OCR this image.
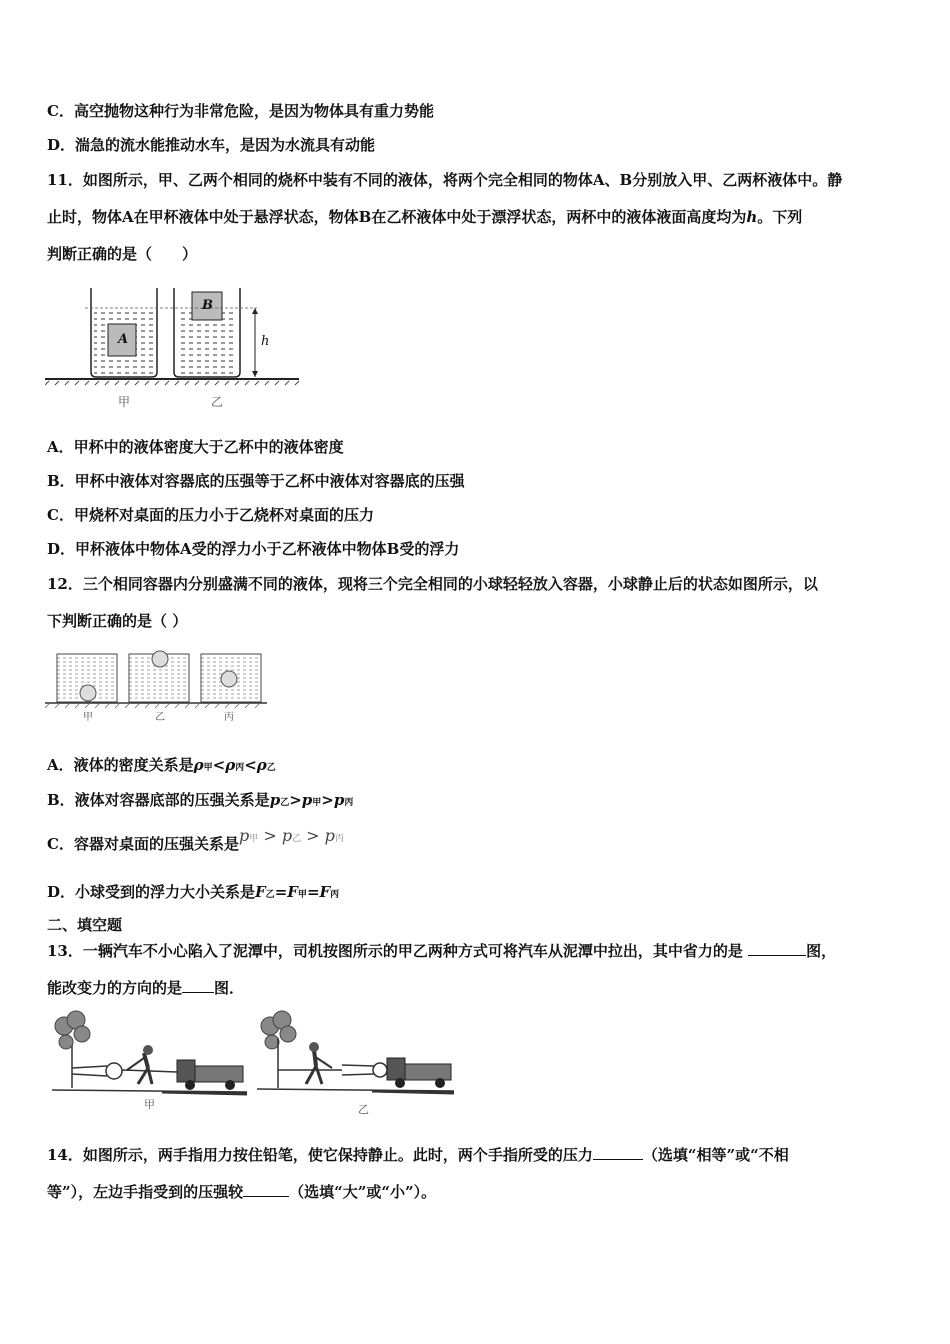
C．高空抛物这种行为非常危险，是因为物体具有重力势能
D．湍急的流水能推动水车，是因为水流具有动能
11．如图所示，甲、乙两个相同的烧杯中装有不同的液体，将两个完全相同的物体A、B分别放入甲、乙两杯液体中。静
止时，物体A在甲杯液体中处于悬浮状态，物体B在乙杯液体中处于漂浮状态，两杯中的液体液面高度均为h。下列
判断正确的是（　　）
A
B
h
甲	乙
A．甲杯中的液体密度大于乙杯中的液体密度
B．甲杯中液体对容器底的压强等于乙杯中液体对容器底的压强
C．甲烧杯对桌面的压力小于乙烧杯对桌面的压力
D．甲杯液体中物体A受的浮力小于乙杯液体中物体B受的浮力
12．三个相同容器内分别盛满不同的液体，现将三个完全相同的小球轻轻放入容器，小球静止后的状态如图所示，以
下判断正确的是（ ）
甲	乙	丙
A．液体的密度关系是ρ甲<ρ丙<ρ乙
B．液体对容器底部的压强关系是p乙>p甲>p丙
C．容器对桌面的压强关系是p甲 > p乙 > p丙
D．小球受到的浮力大小关系是F乙=F甲=F丙
二、填空题
13．一辆汽车不小心陷入了泥潭中，司机按图所示的甲乙两种方式可将汽车从泥潭中拉出，其中省力的是	图，
能改变力的方向的是 图．
甲	乙
14．如图所示，两手指用力按住铅笔，使它保持静止。此时，两个手指所受的压力	（选填“相等”或“不相
等”），左边手指受到的压强较	（选填“大”或“小”）。
